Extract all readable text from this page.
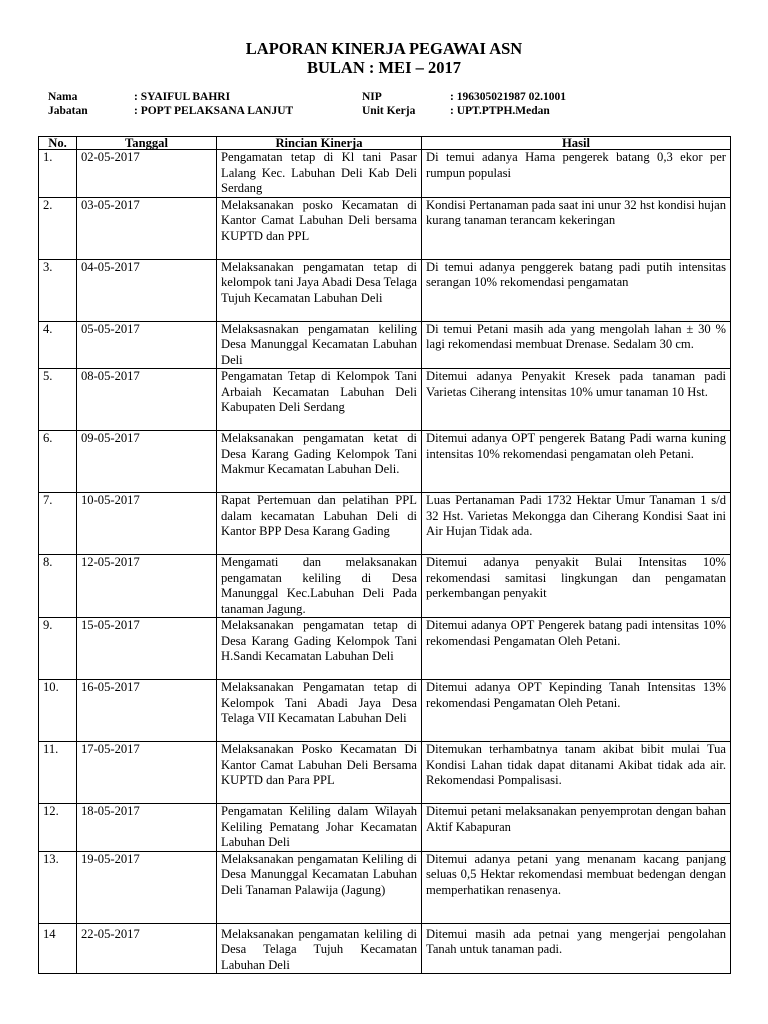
LAPORAN KINERJA PEGAWAI ASN
BULAN : MEI – 2017
Nama	: SYAIFUL BAHRI	NIP	: 196305021987 02.1001
Jabatan	: POPT PELAKSANA LANJUT	Unit Kerja	: UPT.PTPH.Medan
No.	Tanggal	Rincian Kinerja	Hasil
1.	02-05-2017	Pengamatan tetap di Kl tani Pasar Lalang Kec. Labuhan Deli Kab Deli Serdang	Di temui adanya Hama pengerek batang 0,3 ekor per rumpun populasi
2.	03-05-2017	Melaksanakan posko Kecamatan di Kantor Camat Labuhan Deli bersama KUPTD dan PPL	Kondisi Pertanaman pada saat ini unur 32 hst kondisi hujan kurang tanaman terancam kekeringan
3.	04-05-2017	Melaksanakan pengamatan tetap di kelompok tani Jaya Abadi Desa Telaga Tujuh Kecamatan Labuhan Deli	Di temui adanya penggerek batang padi putih intensitas serangan 10% rekomendasi pengamatan
4.	05-05-2017	Melaksasnakan pengamatan keliling Desa Manunggal Kecamatan Labuhan Deli	Di temui Petani masih ada yang mengolah lahan ± 30 % lagi rekomendasi membuat Drenase. Sedalam 30 cm.
5.	08-05-2017	Pengamatan Tetap di Kelompok Tani Arbaiah Kecamatan Labuhan Deli Kabupaten Deli Serdang	Ditemui adanya Penyakit Kresek pada tanaman padi Varietas Ciherang intensitas 10% umur tanaman 10 Hst.
6.	09-05-2017	Melaksanakan pengamatan ketat di Desa Karang Gading Kelompok Tani Makmur Kecamatan Labuhan Deli.	Ditemui adanya OPT pengerek Batang Padi warna kuning intensitas 10% rekomendasi pengamatan oleh Petani.
7.	10-05-2017	Rapat Pertemuan dan pelatihan PPL dalam kecamatan Labuhan Deli di Kantor BPP Desa Karang Gading	Luas Pertanaman Padi 1732 Hektar Umur Tanaman 1 s/d 32 Hst. Varietas Mekongga dan Ciherang Kondisi Saat ini Air Hujan Tidak ada.
8.	12-05-2017	Mengamati dan melaksanakan pengamatan keliling di Desa Manunggal Kec.Labuhan Deli Pada tanaman Jagung.	Ditemui adanya penyakit Bulai Intensitas 10% rekomendasi samitasi lingkungan dan pengamatan perkembangan penyakit
9.	15-05-2017	Melaksanakan pengamatan tetap di Desa Karang Gading Kelompok Tani H.Sandi Kecamatan Labuhan Deli	Ditemui adanya OPT Pengerek batang padi intensitas 10% rekomendasi Pengamatan Oleh Petani.
10.	16-05-2017	Melaksanakan Pengamatan tetap di Kelompok Tani Abadi Jaya Desa Telaga VII Kecamatan Labuhan Deli	Ditemui adanya OPT Kepinding Tanah Intensitas 13% rekomendasi Pengamatan Oleh Petani.
11.	17-05-2017	Melaksanakan Posko Kecamatan Di Kantor Camat Labuhan Deli Bersama KUPTD dan Para PPL	Ditemukan terhambatnya tanam akibat bibit mulai Tua Kondisi Lahan tidak dapat ditanami Akibat tidak ada air. Rekomendasi Pompalisasi.
12.	18-05-2017	Pengamatan Keliling dalam Wilayah Keliling Pematang Johar Kecamatan Labuhan Deli	Ditemui petani melaksanakan penyemprotan dengan bahan Aktif Kabapuran
13.	19-05-2017	Melaksanakan pengamatan Keliling di Desa Manunggal Kecamatan Labuhan Deli Tanaman Palawija (Jagung)	Ditemui adanya petani yang menanam kacang panjang seluas 0,5 Hektar rekomendasi membuat bedengan dengan memperhatikan renasenya.
14	22-05-2017	Melaksanakan pengamatan keliling di Desa Telaga Tujuh Kecamatan Labuhan Deli	Ditemui masih ada petnai yang mengerjai pengolahan Tanah untuk tanaman padi.
